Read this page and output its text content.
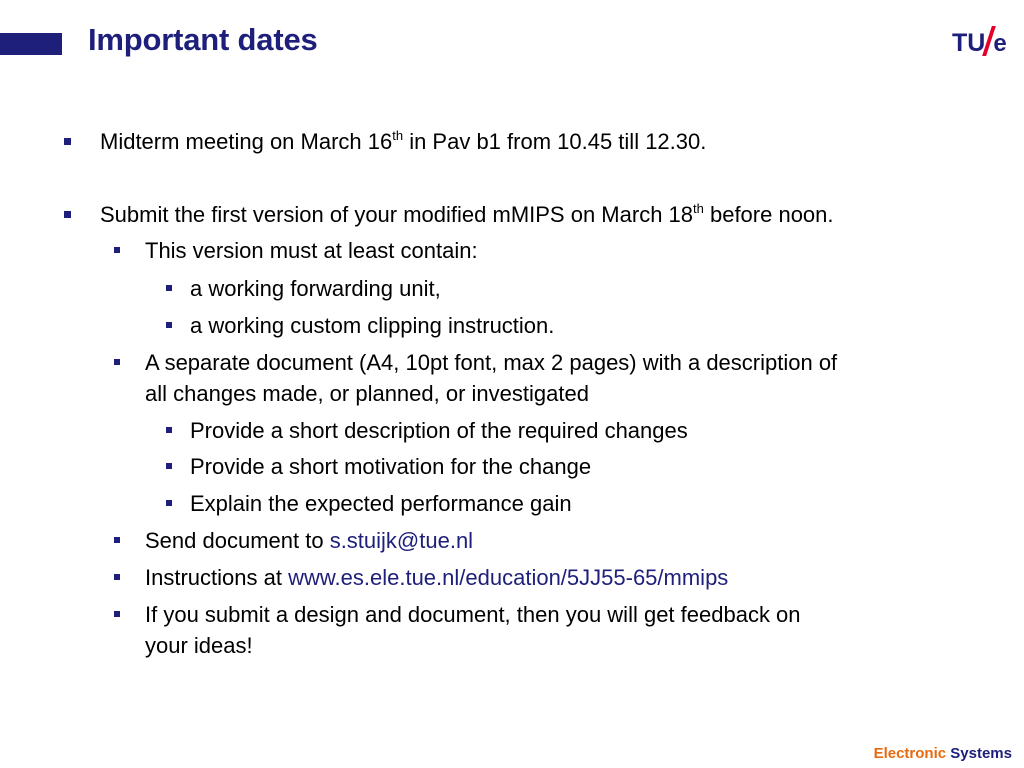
Important dates	TU e
Midterm meeting on March 16th in Pav b1 from 10.45 till 12.30.
Submit the first version of your modified mMIPS on March 18th before noon.
This version must at least contain:
a working forwarding unit,
a working custom clipping instruction.
A separate document (A4, 10pt font, max 2 pages) with a description of
all changes made, or planned, or investigated
Provide a short description of the required changes
Provide a short motivation for the change
Explain the expected performance gain
Send document to s.stuijk@tue.nl
Instructions at www.es.ele.tue.nl/education/5JJ55-65/mmips
If you submit a design and document, then you will get feedback on
your ideas!
Electronic Systems
